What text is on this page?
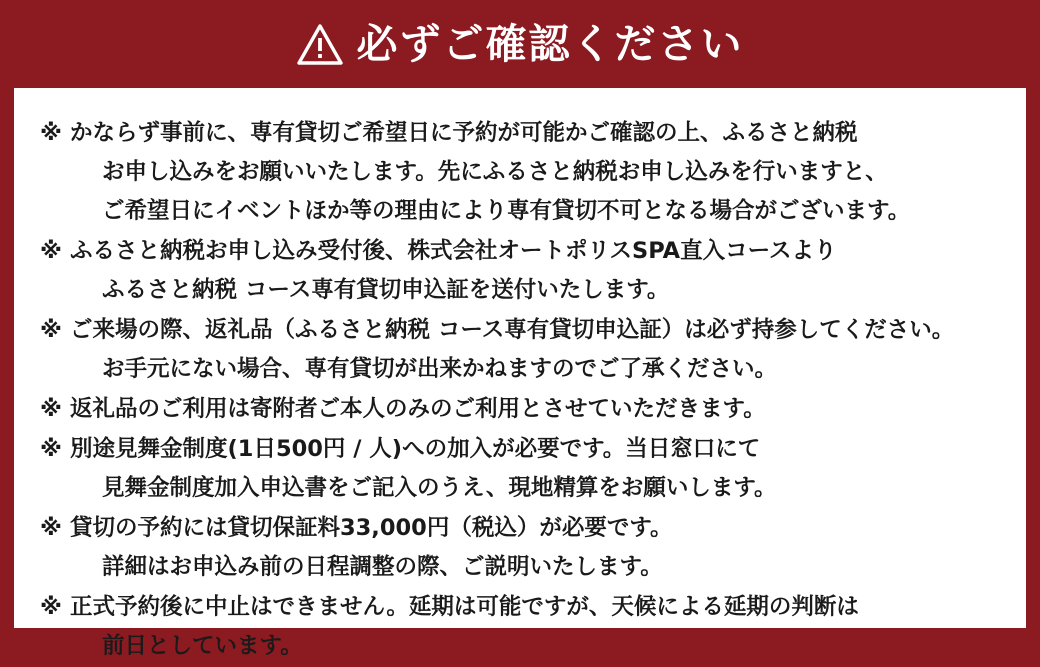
必ずご確認ください
※ かならず事前に、専有貸切ご希望日に予約が可能かご確認の上、ふるさと納税
お申し込みをお願いいたします。先にふるさと納税お申し込みを行いますと、
ご希望日にイベントほか等の理由により専有貸切不可となる場合がございます。
※ ふるさと納税お申し込み受付後、株式会社オートポリスSPA直入コースより
ふるさと納税 コース専有貸切申込証を送付いたします。
※ ご来場の際、返礼品（ふるさと納税 コース専有貸切申込証）は必ず持参してください。
お手元にない場合、専有貸切が出来かねますのでご了承ください。
※ 返礼品のご利用は寄附者ご本人のみのご利用とさせていただきます。
※ 別途見舞金制度(1日500円 / 人)への加入が必要です。当日窓口にて
見舞金制度加入申込書をご記入のうえ、現地精算をお願いします。
※ 貸切の予約には貸切保証料33,000円（税込）が必要です。
詳細はお申込み前の日程調整の際、ご説明いたします。
※ 正式予約後に中止はできません。延期は可能ですが、天候による延期の判断は
前日としています。
